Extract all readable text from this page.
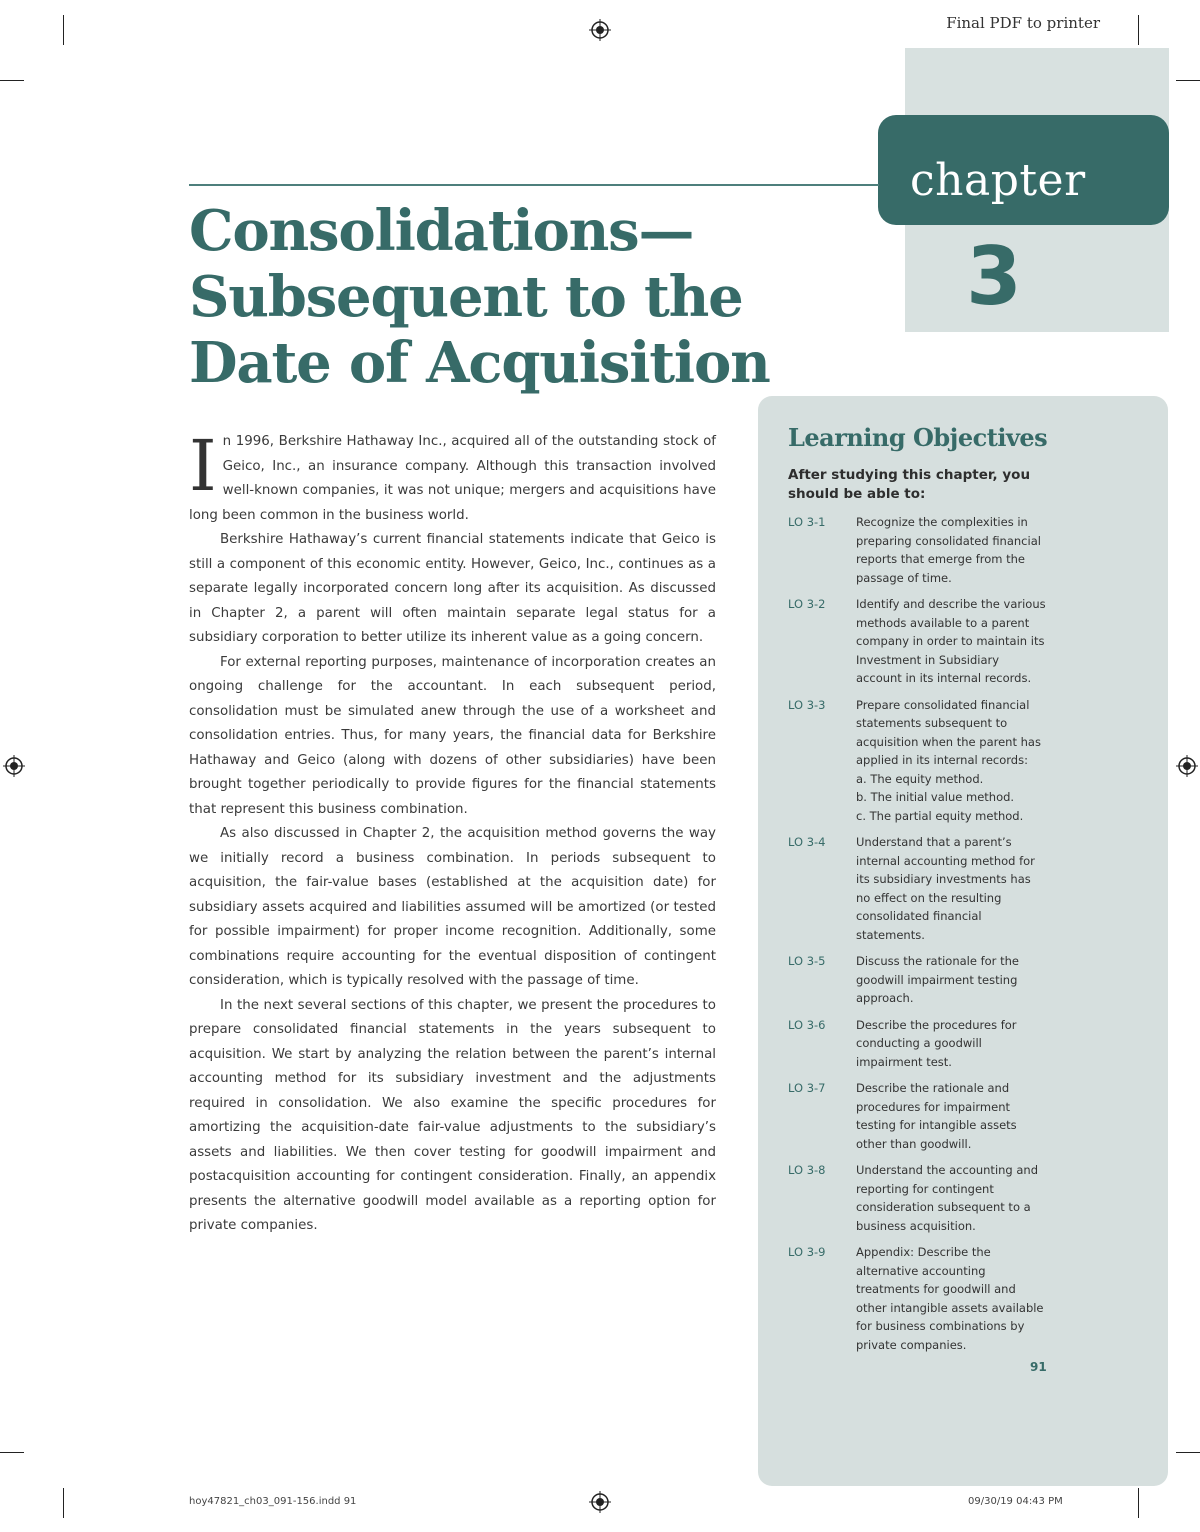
Final PDF to printer
chapter
3
Consolidations—
Subsequent to the
Date of Acquisition

In 1996, Berkshire Hathaway Inc., acquired all of the outstanding stock of Geico, Inc., an insurance company. Although this transaction involved well-known companies, it was not unique; mergers and acquisitions have long been common in the business world.

Berkshire Hathaway’s current financial statements indicate that Geico is still a component of this economic entity. However, Geico, Inc., continues as a separate legally incorporated concern long after its acquisition. As discussed in Chapter 2, a parent will often maintain separate legal status for a subsidiary corporation to better utilize its inherent value as a going concern.

For external reporting purposes, maintenance of incorporation creates an ongoing challenge for the accountant. In each subsequent period, consolidation must be simulated anew through the use of a worksheet and consolidation entries. Thus, for many years, the financial data for Berkshire Hathaway and Geico (along with dozens of other subsidiaries) have been brought together periodically to provide figures for the financial statements that represent this business combination.

As also discussed in Chapter 2, the acquisition method governs the way we initially record a business combination. In periods subsequent to acquisition, the fair-value bases (established at the acquisition date) for subsidiary assets acquired and liabilities assumed will be amortized (or tested for possible impairment) for proper income recognition. Additionally, some combinations require accounting for the eventual disposition of contingent consideration, which is typically resolved with the passage of time.

In the next several sections of this chapter, we present the procedures to prepare consolidated financial statements in the years subsequent to acquisition. We start by analyzing the relation between the parent’s internal accounting method for its subsidiary investment and the adjustments required in consolidation. We also examine the specific procedures for amortizing the acquisition-date fair-value adjustments to the subsidiary’s assets and liabilities. We then cover testing for goodwill impairment and postacquisition accounting for contingent consideration. Finally, an appendix presents the alternative goodwill model available as a reporting option for private companies.

Learning Objectives
After studying this chapter, you should be able to:
LO 3-1	Recognize the complexities in preparing consolidated financial reports that emerge from the passage of time.
LO 3-2	Identify and describe the various methods available to a parent company in order to maintain its Investment in Subsidiary account in its internal records.
LO 3-3	Prepare consolidated financial statements subsequent to acquisition when the parent has applied in its internal records:
a. The equity method.
b. The initial value method.
c. The partial equity method.
LO 3-4	Understand that a parent’s internal accounting method for its subsidiary investments has no effect on the resulting consolidated financial statements.
LO 3-5	Discuss the rationale for the goodwill impairment testing approach.
LO 3-6	Describe the procedures for conducting a goodwill impairment test.
LO 3-7	Describe the rationale and procedures for impairment testing for intangible assets other than goodwill.
LO 3-8	Understand the accounting and reporting for contingent consideration subsequent to a business acquisition.
LO 3-9	Appendix: Describe the alternative accounting treatments for goodwill and other intangible assets available for business combinations by private companies.
91
hoy47821_ch03_091-156.indd 91	09/30/19 04:43 PM
